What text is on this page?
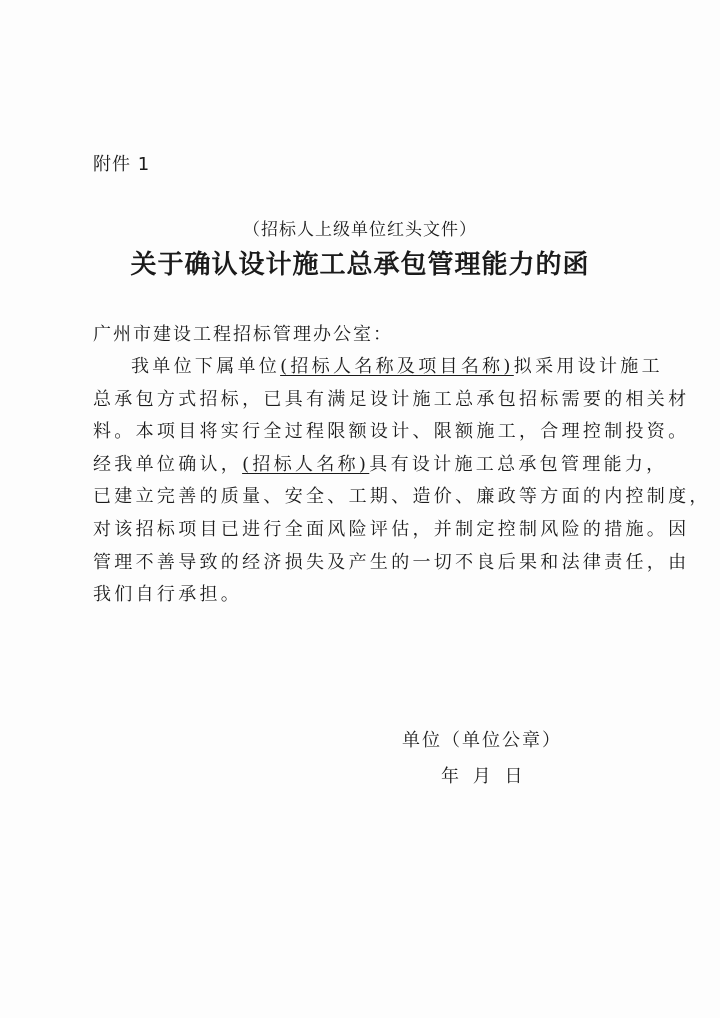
附件 1
（招标人上级单位红头文件）
关于确认设计施工总承包管理能力的函
广州市建设工程招标管理办公室：
我单位下属单位(招标人名称及项目名称)拟采用设计施工
总承包方式招标，已具有满足设计施工总承包招标需要的相关材
料。本项目将实行全过程限额设计、限额施工，合理控制投资。
经我单位确认，(招标人名称)具有设计施工总承包管理能力，
已建立完善的质量、安全、工期、造价、廉政等方面的内控制度，
对该招标项目已进行全面风险评估，并制定控制风险的措施。因
管理不善导致的经济损失及产生的一切不良后果和法律责任，由
我们自行承担。
单位（单位公章）
年 月 日
